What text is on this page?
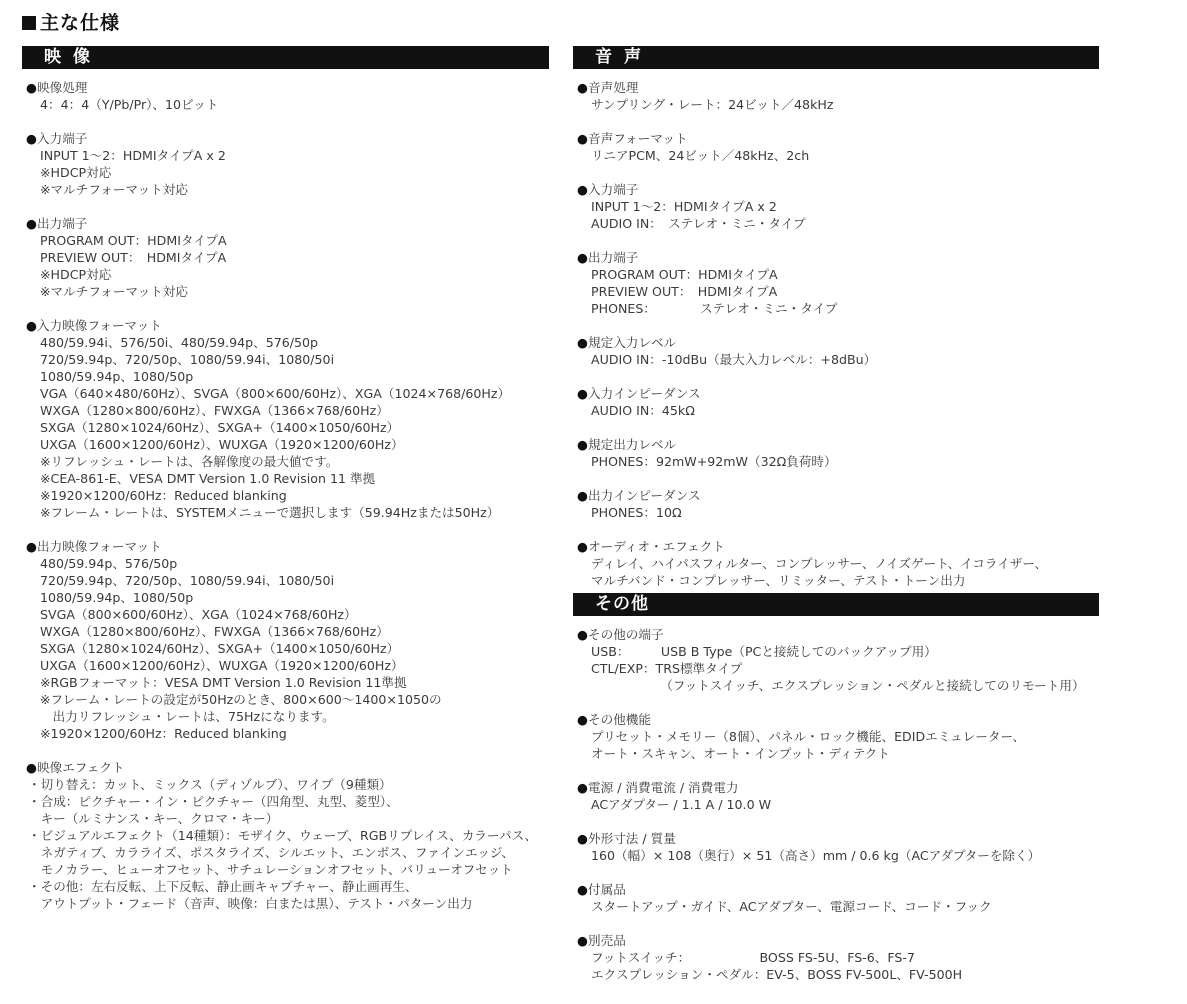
主な仕様
映像
●映像処理
4：4：4（Y/Pb/Pr）、10ビット
●入力端子
INPUT 1〜2：HDMIタイプA x 2
※HDCP対応
※マルチフォーマット対応
●出力端子
PROGRAM OUT：HDMIタイプA
PREVIEW OUT：　HDMIタイプA
※HDCP対応
※マルチフォーマット対応
●入力映像フォーマット
480/59.94i、576/50i、480/59.94p、576/50p
720/59.94p、720/50p、1080/59.94i、1080/50i
1080/59.94p、1080/50p
VGA（640×480/60Hz）、SVGA（800×600/60Hz）、XGA（1024×768/60Hz）
WXGA（1280×800/60Hz）、FWXGA（1366×768/60Hz）
SXGA（1280×1024/60Hz）、SXGA+（1400×1050/60Hz）
UXGA（1600×1200/60Hz）、WUXGA（1920×1200/60Hz）
※リフレッシュ・レートは、各解像度の最大値です。
※CEA-861-E、VESA DMT Version 1.0 Revision 11 準拠
※1920×1200/60Hz：Reduced blanking
※フレーム・レートは、SYSTEMメニューで選択します（59.94Hzまたは50Hz）
●出力映像フォーマット
480/59.94p、576/50p
720/59.94p、720/50p、1080/59.94i、1080/50i
1080/59.94p、1080/50p
SVGA（800×600/60Hz）、XGA（1024×768/60Hz）
WXGA（1280×800/60Hz）、FWXGA（1366×768/60Hz）
SXGA（1280×1024/60Hz）、SXGA+（1400×1050/60Hz）
UXGA（1600×1200/60Hz）、WUXGA（1920×1200/60Hz）
※RGBフォーマット：VESA DMT Version 1.0 Revision 11準拠
※フレーム・レートの設定が50Hzのとき、800×600〜1400×1050の
　出力リフレッシュ・レートは、75Hzになります。
※1920×1200/60Hz：Reduced blanking
●映像エフェクト
・切り替え：カット、ミックス（ディゾルブ）、ワイプ（9種類）
・合成：ピクチャー・イン・ピクチャー（四角型、丸型、菱型）、
　キー（ルミナンス・キー、クロマ・キー）
・ビジュアルエフェクト（14種類）：モザイク、ウェーブ、RGBリプレイス、カラーパス、
　ネガティブ、カラライズ、ポスタライズ、シルエット、エンボス、ファインエッジ、
　モノカラー、ヒューオフセット、サチュレーションオフセット、バリューオフセット
・その他：左右反転、上下反転、静止画キャプチャー、静止画再生、
　アウトプット・フェード（音声、映像：白または黒）、テスト・パターン出力
音声
●音声処理
サンプリング・レート：24ビット／48kHz
●音声フォーマット
リニアPCM、24ビット／48kHz、2ch
●入力端子
INPUT 1〜2：HDMIタイプA x 2
AUDIO IN：　ステレオ・ミニ・タイプ
●出力端子
PROGRAM OUT：HDMIタイプA
PREVIEW OUT：　HDMIタイプA
PHONES：　　　　ステレオ・ミニ・タイプ
●規定入力レベル
AUDIO IN：-10dBu（最大入力レベル：+8dBu）
●入力インピーダンス
AUDIO IN：45kΩ
●規定出力レベル
PHONES：92mW+92mW（32Ω負荷時）
●出力インピーダンス
PHONES：10Ω
●オーディオ・エフェクト
ディレイ、ハイパスフィルター、コンプレッサー、ノイズゲート、イコライザー、
マルチバンド・コンプレッサー、リミッター、テスト・トーン出力
その他
●その他の端子
USB：　　　USB B Type（PCと接続してのバックアップ用）
CTL/EXP：TRS標準タイプ
　　　　　　（フットスイッチ、エクスプレッション・ペダルと接続してのリモート用）
●その他機能
プリセット・メモリー（8個）、パネル・ロック機能、EDIDエミュレーター、
オート・スキャン、オート・インプット・ディテクト
●電源 / 消費電流 / 消費電力
ACアダプター / 1.1 A / 10.0 W
●外形寸法 / 質量
160（幅）× 108（奥行）× 51（高さ）mm / 0.6 kg（ACアダプターを除く）
●付属品
スタートアップ・ガイド、ACアダプター、電源コード、コード・フック
●別売品
フットスイッチ：　　　　　　BOSS FS-5U、FS-6、FS-7
エクスプレッション・ペダル：EV-5、BOSS FV-500L、FV-500H
